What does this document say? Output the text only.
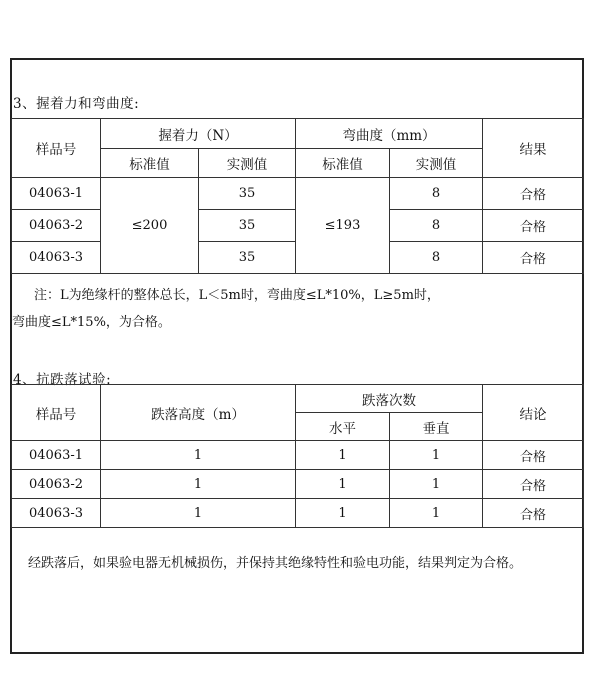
3、握着力和弯曲度:
样品号	握着力（N）		弯曲度（mm）		结果
	标准值	实测值	标准值	实测值	
04063-1	≤200	35	≤193	8	合格
04063-2		35		8	合格
04063-3		35		8	合格
注：L为绝缘杆的整体总长，L＜5m时，弯曲度≤L*10%，L≥5m时，
弯曲度≤L*15%，为合格。
4、抗跌落试验:
样品号	跌落高度（m）	跌落次数		结论
		水平	垂直	
04063-1	1	1	1	合格
04063-2	1	1	1	合格
04063-3	1	1	1	合格
经跌落后，如果验电器无机械损伤，并保持其绝缘特性和验电功能，结果判定为合格。
